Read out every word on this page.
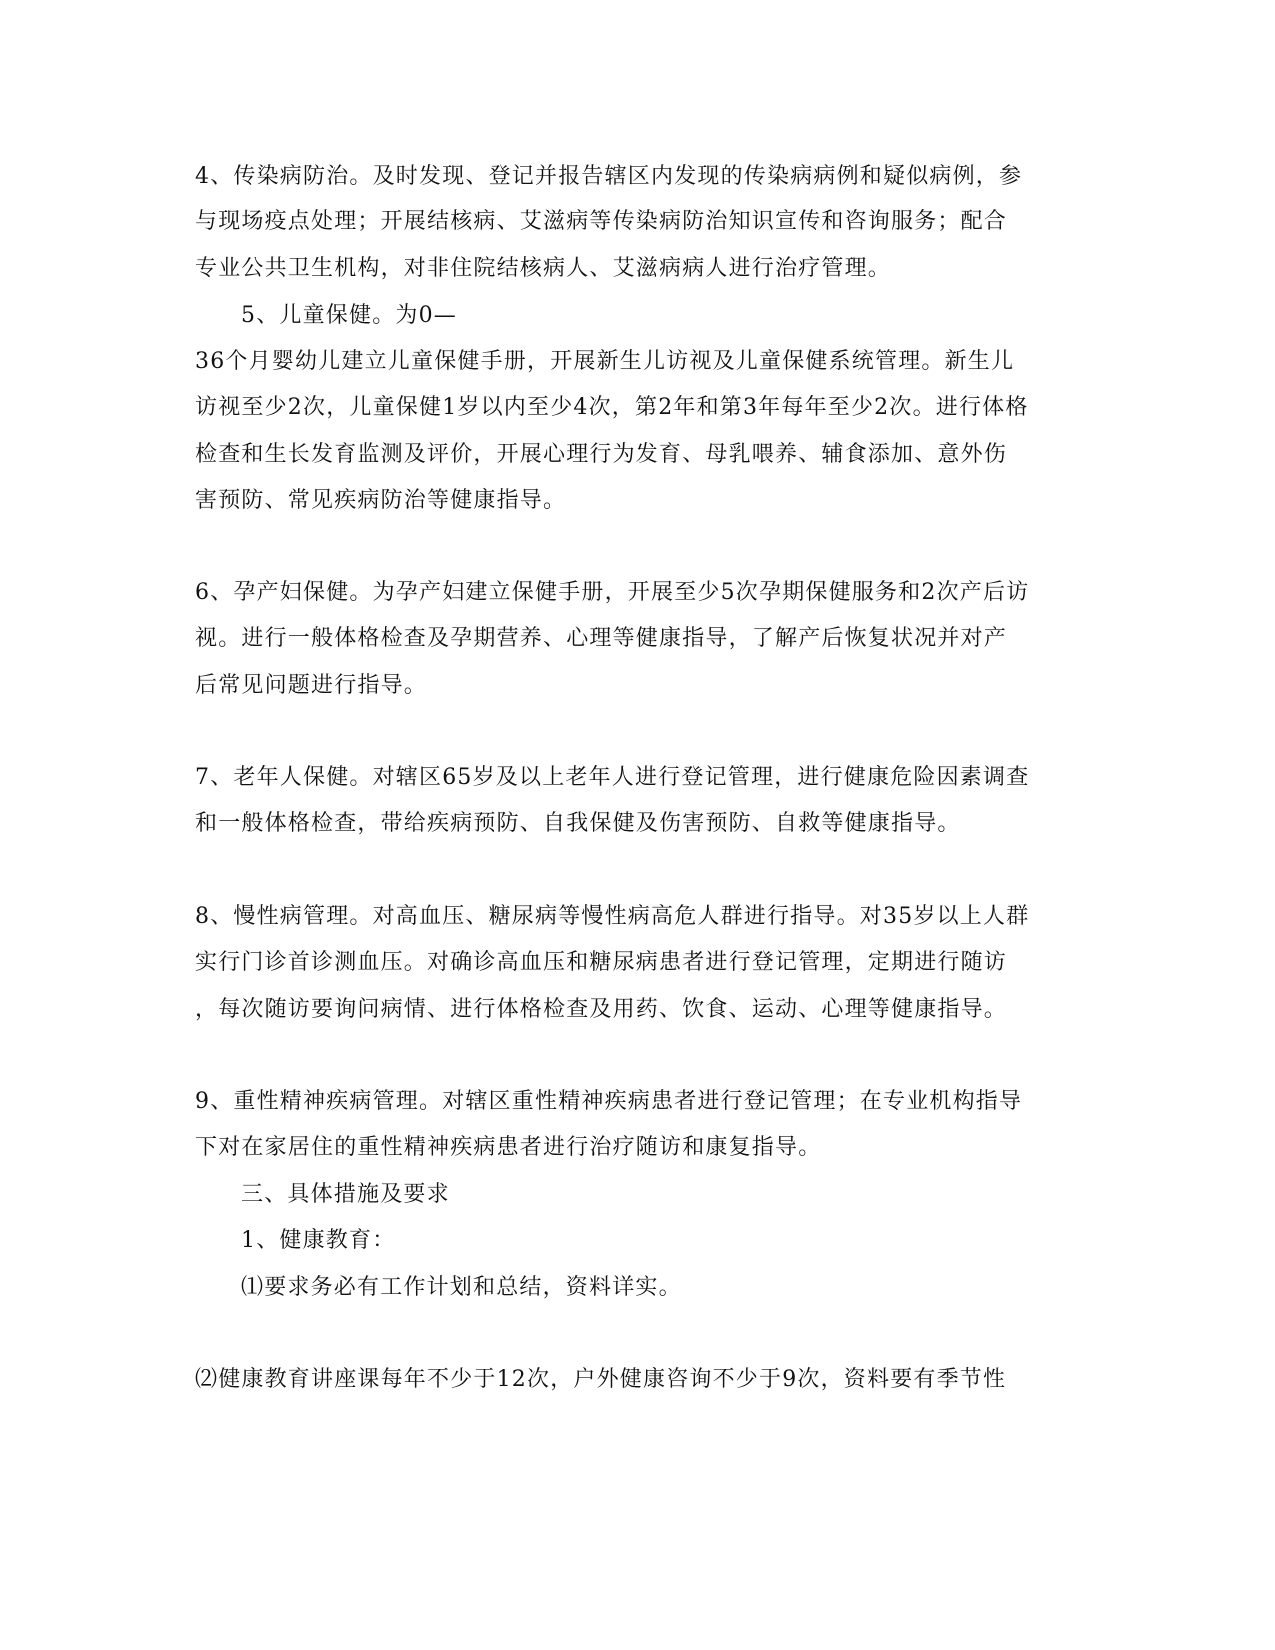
4、传染病防治。及时发现、登记并报告辖区内发现的传染病病例和疑似病例，参
与现场疫点处理；开展结核病、艾滋病等传染病防治知识宣传和咨询服务；配合
专业公共卫生机构，对非住院结核病人、艾滋病病人进行治疗管理。
5、儿童保健。为0—
36个月婴幼儿建立儿童保健手册，开展新生儿访视及儿童保健系统管理。新生儿
访视至少2次，儿童保健1岁以内至少4次，第2年和第3年每年至少2次。进行体格
检查和生长发育监测及评价，开展心理行为发育、母乳喂养、辅食添加、意外伤
害预防、常见疾病防治等健康指导。
6、孕产妇保健。为孕产妇建立保健手册，开展至少5次孕期保健服务和2次产后访
视。进行一般体格检查及孕期营养、心理等健康指导，了解产后恢复状况并对产
后常见问题进行指导。
7、老年人保健。对辖区65岁及以上老年人进行登记管理，进行健康危险因素调查
和一般体格检查，带给疾病预防、自我保健及伤害预防、自救等健康指导。
8、慢性病管理。对高血压、糖尿病等慢性病高危人群进行指导。对35岁以上人群
实行门诊首诊测血压。对确诊高血压和糖尿病患者进行登记管理，定期进行随访
，每次随访要询问病情、进行体格检查及用药、饮食、运动、心理等健康指导。
9、重性精神疾病管理。对辖区重性精神疾病患者进行登记管理；在专业机构指导
下对在家居住的重性精神疾病患者进行治疗随访和康复指导。
三、具体措施及要求
1、健康教育：
⑴要求务必有工作计划和总结，资料详实。
⑵健康教育讲座课每年不少于12次，户外健康咨询不少于9次，资料要有季节性
